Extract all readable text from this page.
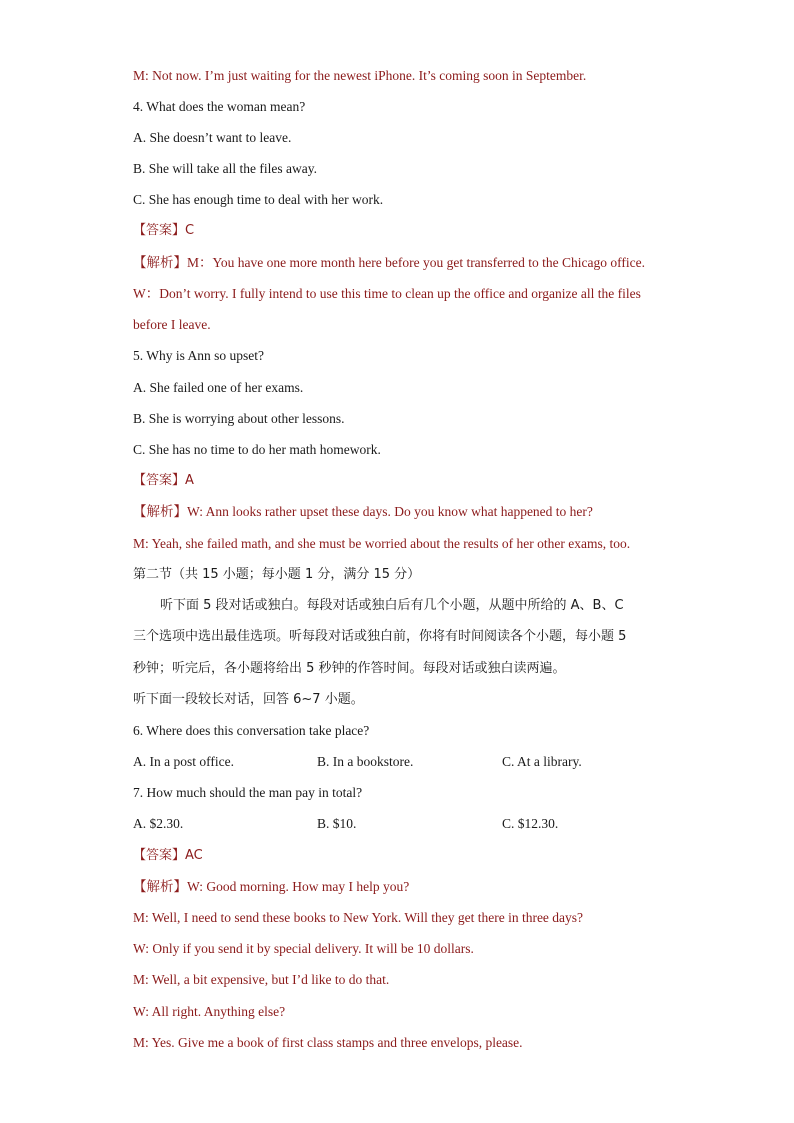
M: Not now. I’m just waiting for the newest iPhone. It’s coming soon in September.
4. What does the woman mean?
A. She doesn’t want to leave.
B. She will take all the files away.
C. She has enough time to deal with her work.
【答案】C
【解析】M：You have one more month here before you get transferred to the Chicago office.
W：Don’t worry. I fully intend to use this time to clean up the office and organize all the files
before I leave.
5. Why is Ann so upset?
A. She failed one of her exams.
B. She is worrying about other lessons.
C. She has no time to do her math homework.
【答案】A
【解析】W: Ann looks rather upset these days. Do you know what happened to her?
M: Yeah, she failed math, and she must be worried about the results of her other exams, too.
第二节（共 15 小题；每小题 1 分，满分 15 分）
听下面 5 段对话或独白。每段对话或独白后有几个小题，从题中所给的 A、B、C
三个选项中选出最佳选项。听每段对话或独白前，你将有时间阅读各个小题，每小题 5
秒钟；听完后，各小题将给出 5 秒钟的作答时间。每段对话或独白读两遍。
听下面一段较长对话，回答 6~7 小题。
6. Where does this conversation take place?
A. In a post office.	B. In a bookstore.	C. At a library.
7. How much should the man pay in total?
A. $2.30.	B. $10.	C. $12.30.
【答案】AC
【解析】W: Good morning. How may I help you?
M: Well, I need to send these books to New York. Will they get there in three days?
W: Only if you send it by special delivery. It will be 10 dollars.
M: Well, a bit expensive, but I’d like to do that.
W: All right. Anything else?
M: Yes. Give me a book of first class stamps and three envelops, please.
